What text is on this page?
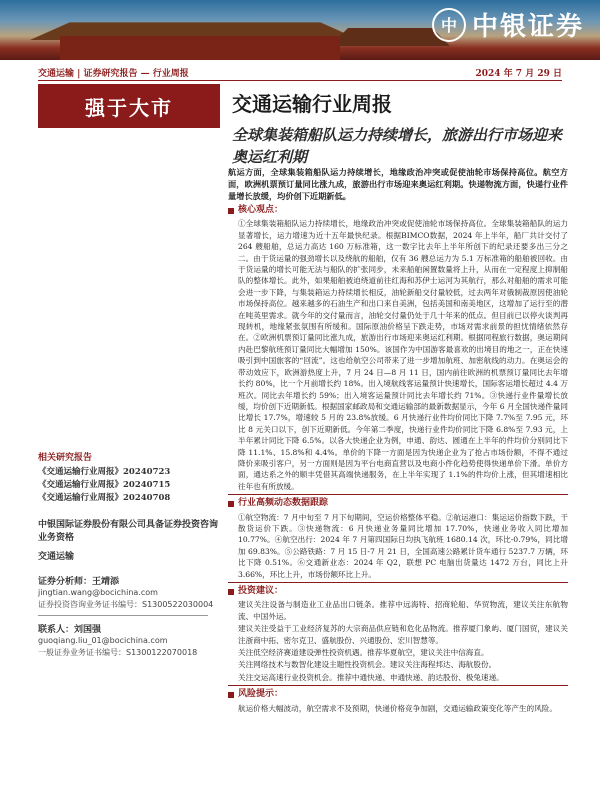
中 中银证券
交通运输 | 证券研究报告 — 行业周报	2024 年 7 月 29 日
强于大市	交通运输行业周报
全球集装箱船队运力持续增长，旅游出行市场迎来奥运红利期
相关研究报告
《交通运输行业周报》20240723
《交通运输行业周报》20240715
《交通运输行业周报》20240708
中银国际证券股份有限公司具备证券投资咨询业务资格
交通运输
证券分析师：王靖添
jingtian.wang@bocichina.com
证券投资咨询业务证书编号：S1300522030004
联系人：刘国强
guoqiang.liu_01@bocichina.com
一般证券业务证书编号：S1300122070018
航运方面，全球集装箱船队运力持续增长，地缘政治冲突或促使油轮市场保持高位。航空方面，欧洲机票预订量同比涨九成，旅游出行市场迎来奥运红利期。快递物流方面，快递行业件量增长放缓，均价创下近期新低。
核心观点：
①全球集装箱船队运力持续增长，地缘政治冲突或促使油轮市场保持高位。全球集装箱船队的运力显著增长，运力增速为近十五年最快纪录。根据BIMCO数据，2024 年上半年，船厂共计交付了 264 艘船舶，总运力高达 160 万标准箱，这一数字比去年上半年所创下的纪录还要多出三分之二。由于货运量的强劲增长以及绕航的船舶，仅有 36 艘总运力为 5.1 万标准箱的船舶被回收。由于货运量的增长可能无法与船队的扩张同步，未来船舶闲置数量将上升，从而在一定程度上抑制船队的整体增长。此外，如果船舶被迫绕道前往红海和苏伊士运河为其航行，那么对船舶的需求可能会进一步下降，与集装箱运力持续增长相反，油轮新船交付量较低，过去两年对俄制裁原因使油轮市场保持高位。越来越多的石油生产和出口来自美洲，包括美国和南美地区，这增加了运行至的潜在吨英里需求。就今年的交付量而言，油轮交付量仍处于几十年来的低点。但目前已以停火谈判再现转机，地缘紧张氛围有所缓和。国际原油价格呈下跌走势，市场对需求前景的担忧情绪依然存在。②欧洲机票预订量同比涨九成，旅游出行市场迎来奥运红利期。根据同程旅行数据，奥运期间内赴巴黎航班预订量同比大幅增加 150%。该国作为中国游客最喜欢的出境目的地之一，正在快速吸引到中国旅客的“回流”。这也给航空公司带来了进一步增加航班、加密航线的动力。在奥运会的带动效应下，欧洲游热度上升，7 月 24 日—8 月 11 日，国内前往欧洲的机票预订量同比去年增长约 80%，比一个月前增长约 18%。出入境航线客运量预计快速增长，国际客运增长超过 4.4 万班次。同比去年增长约 59%；出入境客运量预计同比去年增长约 71%。③快递行业件量增长放缓，均价创下近期新低。根据国家邮政局和交通运输部的最新数据显示，今年 6 月全国快递件量同比增长 17.7%，增速较 5 月的 23.8%放缓。6 月快递行业件均价同比下降 7.7%至 7.95 元，环比 8 元关口以下，创下近期新低。今年第二季度，快递行业件均价同比下降 6.8%至 7.93 元，上半年累计同比下降 6.5%。以各大快递企业为例，申通、韵达、圆通在上半年的件均价分别同比下降 11.1%、15.8%和 4.4%。单价的下降一方面是因为快递企业为了抢占市场份额，不得不通过降价来吸引客户，另一方面则是因为平台电商直营以及电商小件化趋势使得快递单价下滑。单价方面，通达系之外的顺丰凭借其高端快递服务，在上半年实现了 1.1%的件均价上涨，但其增速相比往年也有所放缓。
行业高频动态数据跟踪
①航空物流：7 月中旬至 7 月下旬期间，空运价格整体平稳。②航运港口：集运运价指数下跌，干散货运价下跌。③快递物流：6 月快递业务量同比增加 17.70%，快递业务收入同比增加 10.77%。④航空出行：2024 年 7 月第四国际日均执飞航班 1680.14 次，环比-0.79%，同比增加 69.83%。⑤公路铁路：7 月 15 日-7 月 21 日，全国高速公路累计货车通行 5237.7 万辆，环比下降 0.51%。⑥交通新业态：2024 年 Q2，联想 PC 电脑出货量达 1472 万台，同比上升 3.66%，环比上升，市场份额环比上升。
投资建议：
建议关注设备与制造业工业品出口链条。推荐中远海特、招商轮船、华贸物流，建议关注东航物流、中国外运。
建议关注受益于工业经济复苏的大宗商品供应链和危化品物流。推荐厦门象屿、厦门国贸，建议关注浙商中拓、密尔克卫、盛航股份、兴通股份、宏川智慧等。
关注低空经济赛道建设弹性投资机遇。推荐华夏航空，建议关注中信海直。
关注网络技术与数智化建设主题性投资机会。建议关注海程邦达、海航股份。
关注交运高速行业投资机会。推荐中通快递、申通快递、韵达股份、极兔速递。
风险提示：
航运价格大幅波动，航空需求不及预期，快递价格竞争加剧，交通运输政策变化等产生的风险。
